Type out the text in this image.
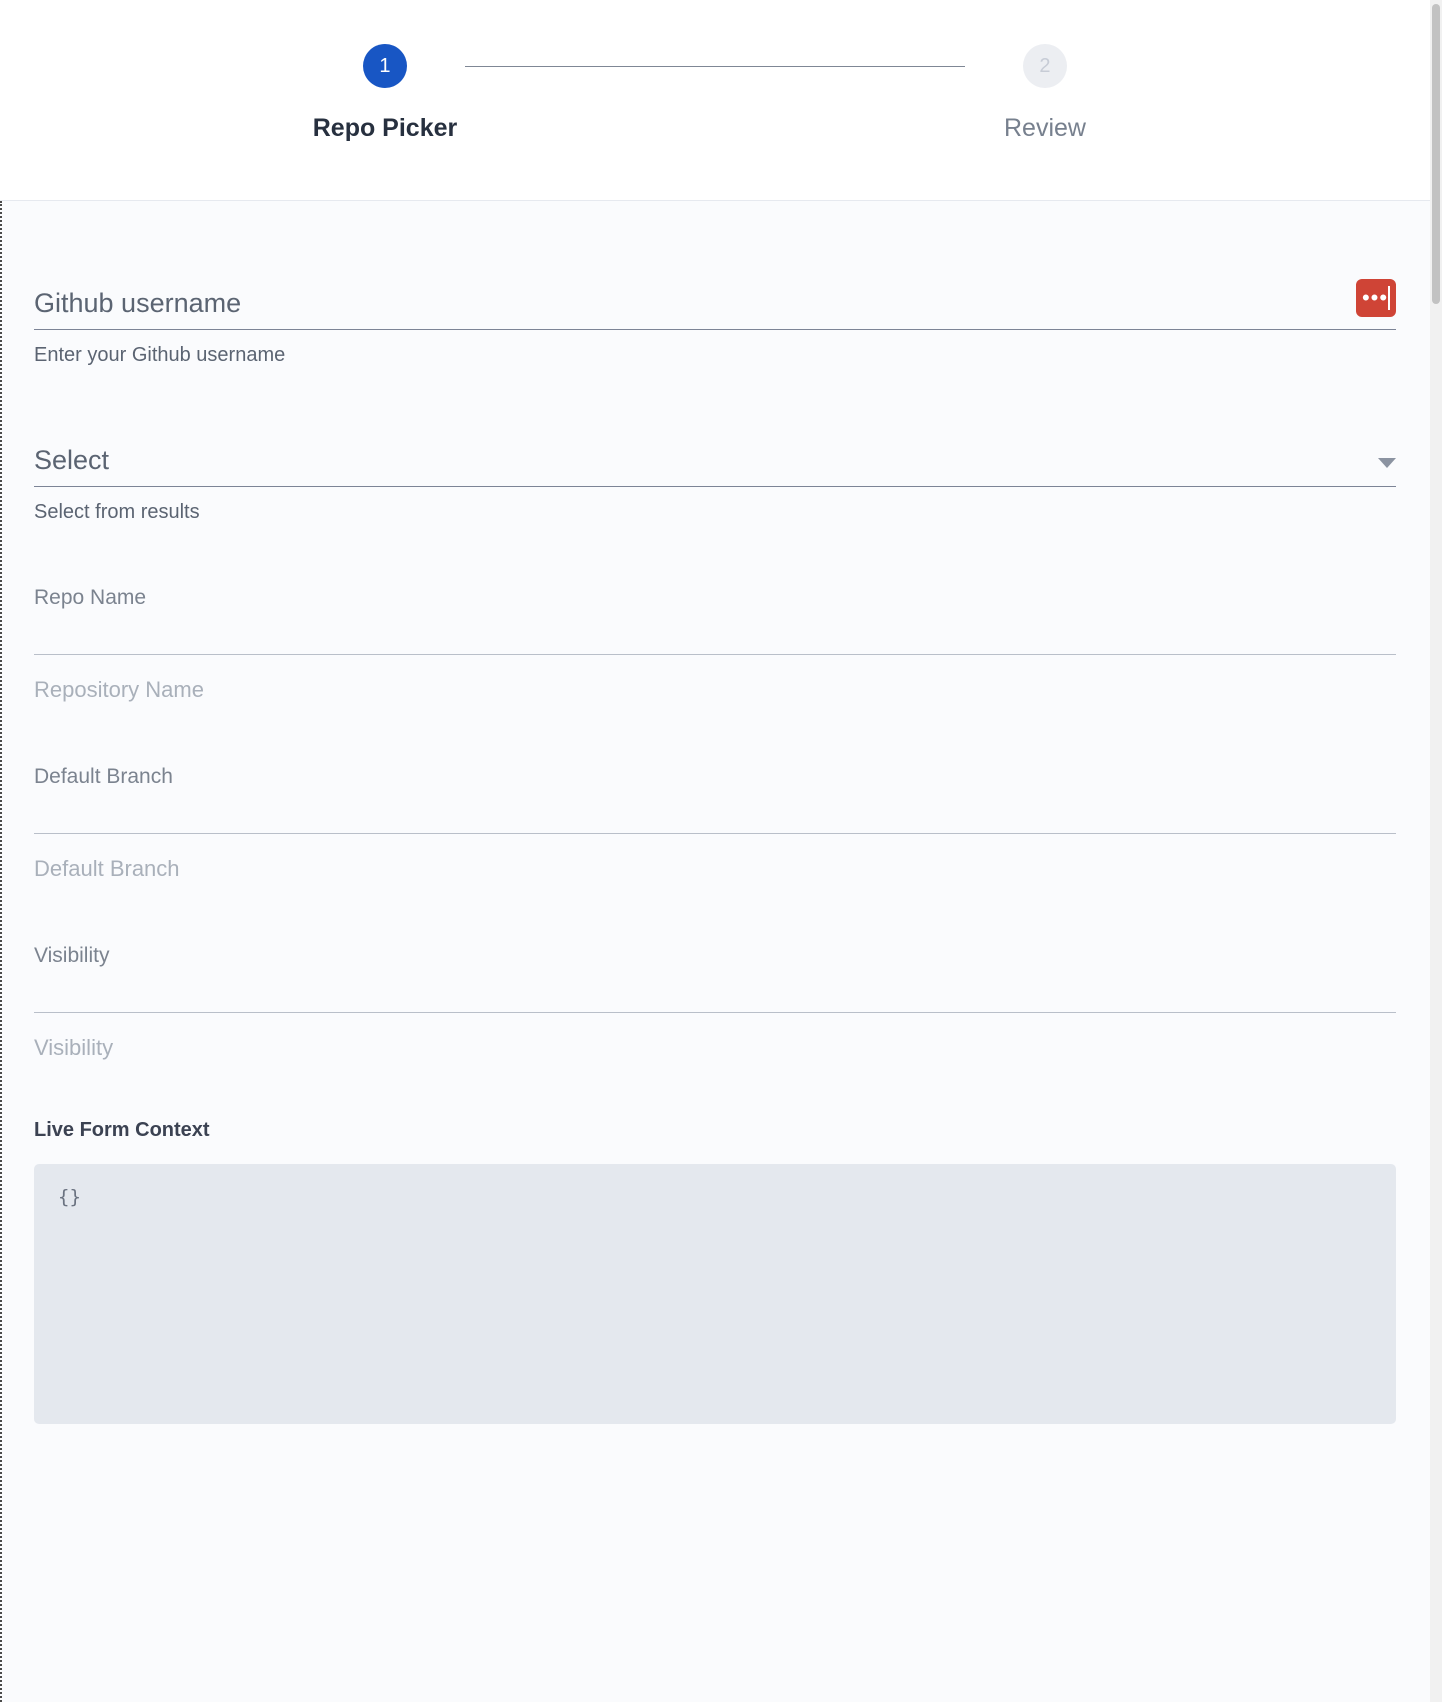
1
Repo Picker
2
Review
Github username	•••
Enter your Github username
Select
Select from results
Repo Name
Repository Name
Default Branch
Default Branch
Visibility
Visibility
Live Form Context
{}
